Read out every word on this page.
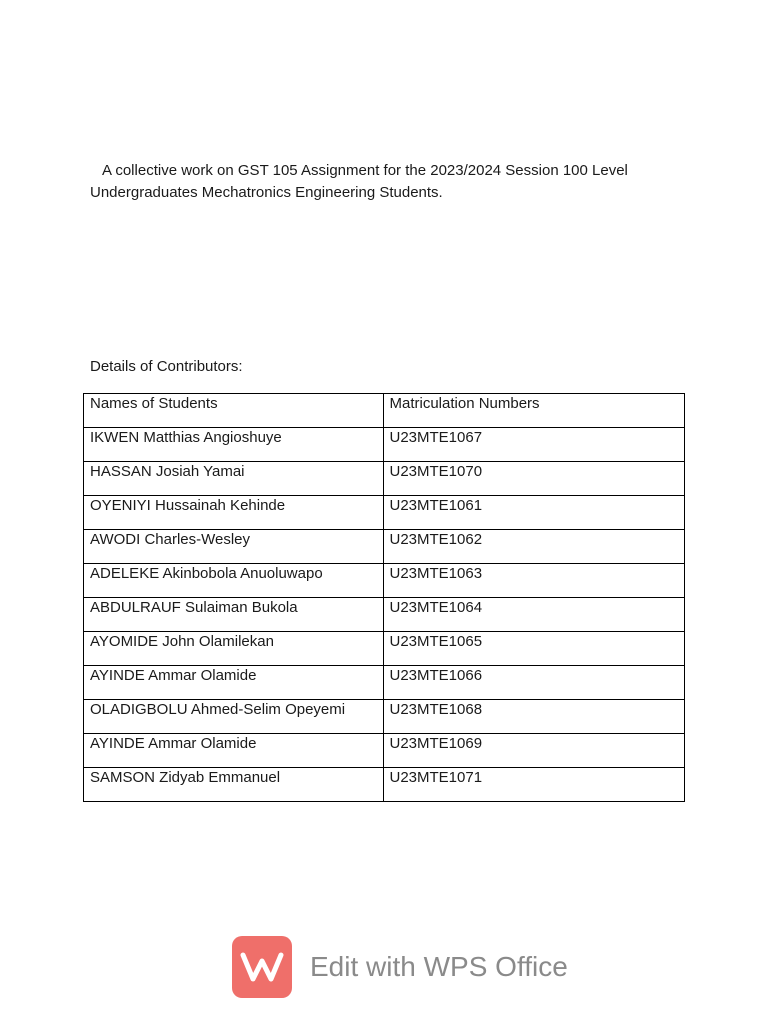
A collective work on GST 105 Assignment for the 2023/2024 Session 100 Level Undergraduates Mechatronics Engineering Students.

Details of Contributors:

Names of Students	Matriculation Numbers
IKWEN Matthias Angioshuye	U23MTE1067
HASSAN Josiah Yamai	U23MTE1070
OYENIYI Hussainah Kehinde	U23MTE1061
AWODI Charles-Wesley	U23MTE1062
ADELEKE Akinbobola Anuoluwapo	U23MTE1063
ABDULRAUF Sulaiman Bukola	U23MTE1064
AYOMIDE John Olamilekan	U23MTE1065
AYINDE Ammar Olamide	U23MTE1066
OLADIGBOLU Ahmed-Selim Opeyemi	U23MTE1068
AYINDE Ammar Olamide	U23MTE1069
SAMSON Zidyab Emmanuel	U23MTE1071
Edit with WPS Office
